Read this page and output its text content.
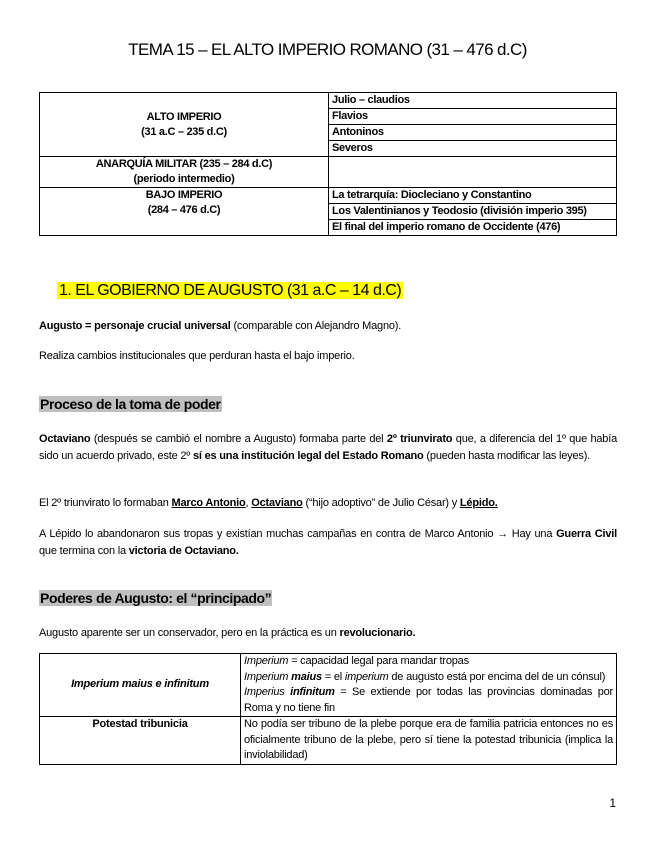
TEMA 15 – EL ALTO IMPERIO ROMANO (31 – 476 d.C)
ALTO IMPERIO
(31 a.C – 235 d.C)	Julio – claudios
	Flavios
	Antoninos
	Severos

ANARQUÍA MILITAR (235 – 284 d.C)
(periodo intermedio)	

BAJO IMPERIO
(284 – 476 d.C)	La tetrarquía: Diocleciano y Constantino
	Los Valentinianos y Teodosio (división imperio 395)
	El final del imperio romano de Occidente (476)
1. EL GOBIERNO DE AUGUSTO (31 a.C – 14 d.C)

Augusto = personaje crucial universal (comparable con Alejandro Magno).

Realiza cambios institucionales que perduran hasta el bajo imperio.

Proceso de la toma de poder

Octaviano (después se cambió el nombre a Augusto) formaba parte del 2º triunvirato que, a diferencia del 1º que había sido un acuerdo privado, este 2º sí es una institución legal del Estado Romano (pueden hasta modificar las leyes).

El 2º triunvirato lo formaban Marco Antonio, Octaviano (“hijo adoptivo” de Julio César) y Lépido.

A Lépido lo abandonaron sus tropas y existían muchas campañas en contra de Marco Antonio → Hay una Guerra Civil que termina con la victoria de Octaviano.

Poderes de Augusto: el “principado”

Augusto aparente ser un conservador, pero en la práctica es un revolucionario.

Imperium maius e infinitum	Imperium = capacidad legal para mandar tropas
Imperium maius = el imperium de augusto está por encima del de un cónsul)
Imperius infinitum = Se extiende por todas las provincias dominadas por Roma y no tiene fin

Potestad tribunicia	No podía ser tribuno de la plebe porque era de familia patricia entonces no es oficialmente tribuno de la plebe, pero sí tiene la potestad tribunicia (implica la inviolabilidad)
1
